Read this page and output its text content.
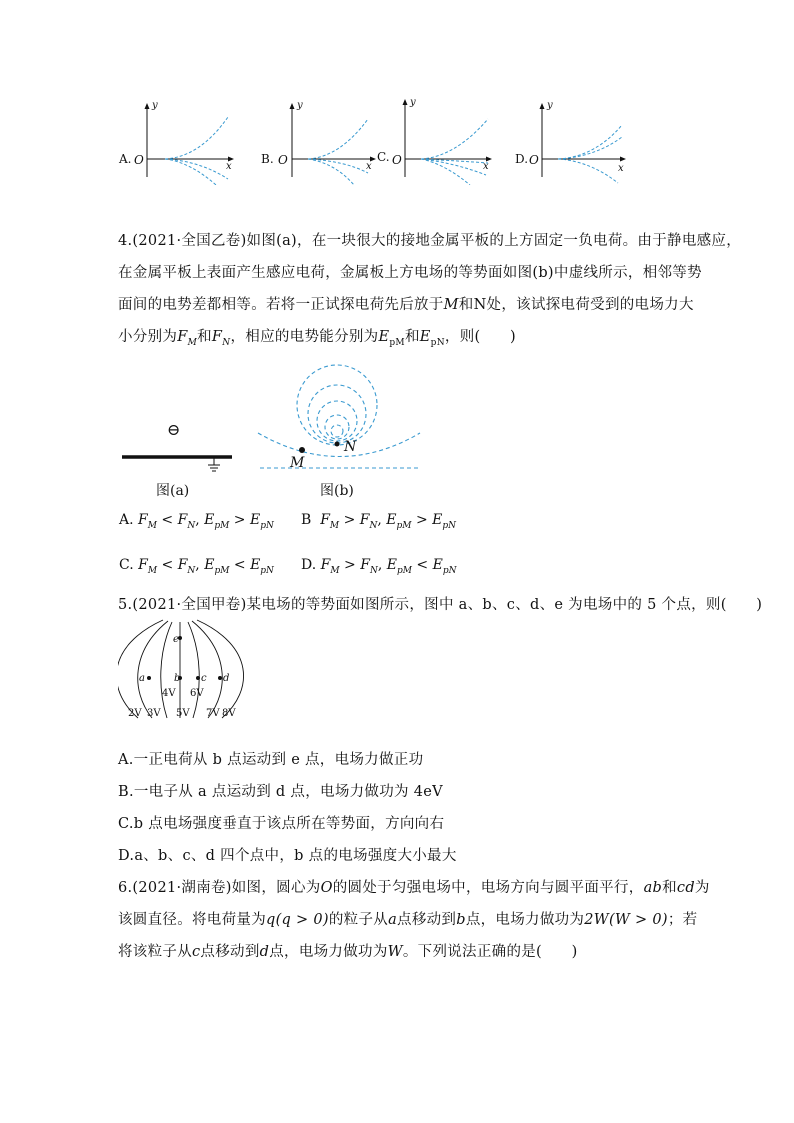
A. O
y
x
B. O
y
x
C. O
y
x
D. O
y
x
4.(2021·全国乙卷)如图(a)，在一块很大的接地金属平板的上方固定一负电荷。由于静电感应，
在金属平板上表面产生感应电荷，金属板上方电场的等势面如图(b)中虚线所示，相邻等势
面间的电势差都相等。若将一正试探电荷先后放于M和N处，该试探电荷受到的电场力大
小分别为$F_M$和$F_N$，相应的电势能分别为$E_{pM}$和$E_{pN}$，则(　　)
⊖
图(a)
M
N
图(b)
A. $F_M < F_N$, $E_{pM} > E_{pN}$ B $F_M > F_N$, $E_{pM} > E_{pN}$
C. $F_M < F_N$, $E_{pM} < E_{pN}$ D. $F_M > F_N$, $E_{pM} < E_{pN}$
5.(2021·全国甲卷)某电场的等势面如图所示，图中 a、b、c、d、e 为电场中的 5 个点，则(　　)
e
a	b c d
4V 6V
2V 3V 5V 7V 8V
A.一正电荷从 b 点运动到 e 点，电场力做正功
B.一电子从 a 点运动到 d 点，电场力做功为 4eV
C.b 点电场强度垂直于该点所在等势面，方向向右
D.a、b、c、d 四个点中，b 点的电场强度大小最大
6.(2021·湖南卷)如图，圆心为O的圆处于匀强电场中，电场方向与圆平面平行，ab和cd为
该圆直径。将电荷量为q(q > 0)的粒子从a点移动到b点，电场力做功为2W(W > 0)；若
将该粒子从c点移动到d点，电场力做功为W。下列说法正确的是(　　)
